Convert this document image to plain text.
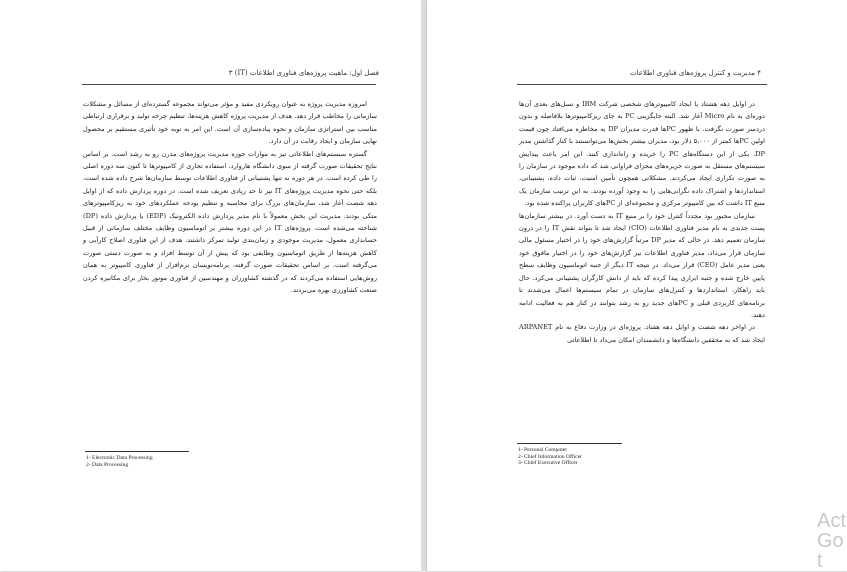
فصل اول: ماهیت پروژه‌های فناوری اطلاعات (IT) ۳

امروزه مدیریت پروژه به عنوان رویکردی مفید و مؤثر می‌تواند مجموعه گسترده‌ای از مسائل و مشکلات سازمانی را مخاطب قرار دهد. هدف از مدیریت پروژه کاهش هزینه‌ها، تنظیم چرخه تولید و برقراری ارتباطی مناسب بین استراتژی سازمان و نحوه پیاده‌سازی آن است. این امر به نوبه خود تأثیری مستقیم بر محصول نهایی سازمان و ایجاد رقابت در آن دارد.

گستره سیستم‌های اطلاعاتی نیز به موازات حوزه مدیریت پروژه‌های مدرن رو به رشد است. بر اساس نتایج تحقیقات صورت گرفته از سوی دانشگاه هاروارد، استفاده تجاری از کامپیوترها تا کنون سه دوره اصلی را طی کرده است. در هر دوره نه تنها پشتیبانی از فناوری اطلاعات توسط سازمان‌ها شرح داده شده است، بلکه حتی نحوه مدیریت پروژه‌های IT نیز تا حد زیادی تعریف شده است. در دوره پردازش داده که از اوایل دهه شصت آغاز شد، سازمان‌های بزرگ برای محاسبه و تنظیم بودجه عملکردهای خود به ریزکامپیوترهای متکی بودند. مدیریت این بخش معمولاً با نام مدیر پردازش داده الکترونیک (EDP) یا پردازش داده (DP) شناخته می‌شده است. پروژه‌های IT در این دوره بیشتر بر اتوماسیون وظایف مختلف سازمانی از قبیل حسابداری معمول، مدیریت موجودی و زمان‌بندی تولید تمرکز داشتند. هدف از این فناوری اصلاح کارآیی و کاهش هزینه‌ها از طریق اتوماسیون وظایفی بود که پیش از آن توسط افراد و به صورت دستی صورت می‌گرفته است. بر اساس تحقیقات صورت گرفته، برنامه‌نویسان نرم‌افزار از فناوری کامپیوتر به همان روش‌هایی استفاده می‌کردند که در گذشته کشاورزان و مهندسین از فناوری موتور بخار برای مکانیزه کردن صنعت کشاورزی بهره می‌بردند.

1- Electronic Data Processing
2- Data Processing
۴ مدیریت و کنترل پروژه‌های فناوری اطلاعات

در اوایل دهه هشتاد با ایجاد کامپیوترهای شخصی شرکت IBM و نسل‌های بعدی آن‌ها دوره‌ای به نام Micro آغاز شد. البته جایگزینی PC به جای ریزکامپیوترها بلافاصله و بدون دردسر صورت نگرفت. با ظهور PCها قدرت مدیران DP به مخاطره می‌افتاد چون قیمت اولین PCها کمتر از ۵،۰۰۰ دلار بود، مدیران بیشتر بخش‌ها می‌توانستند با کنار گذاشتن مدیر DP، یکی از این دستگاه‌های PC را خریده و راه‌اندازی کنند. این امر باعث پیدایش سیستم‌های مستقل به صورت جزیره‌های مجزای فراوانی شد که داده موجود در سازمان را به صورت تکراری ایجاد می‌کردند. مشکلاتی همچون تأمین امنیت، ثبات داده، پشتیبانی، استانداردها و اشتراک داده نگرانی‌هایی را به وجود آورده بودند. به این ترتیب سازمان یک منبع IT داشت که بین کامپیوتر مرکزی و مجموعه‌ای از PCهای کاربران پراکنده شده بود.

سازمان مجبور بود مجدداً کنترل خود را بر منبع IT به دست آورد. در بیشتر سازمان‌ها پست جدیدی به نام مدیر فناوری اطلاعات (CIO) ایجاد شد تا بتواند نقش IT را در درون سازمان تعمیم دهد. در حالی که مدیر DP مرتباً گزارش‌های خود را در اختیار مسئول مالی سازمان قرار می‌داد، مدیر فناوری اطلاعات نیز گزارش‌های خود را در اختیار مافوق خود یعنی مدیر عامل (CEO) قرار می‌داد. در نتیجه IT دیگر از جنبه اتوماسیون وظایف سطح پایین خارج شده و جنبه ابزاری پیدا کرده که باید از دانش کارگران پشتیبانی می‌کرد. حال باید راهکار، استانداردها و کنترل‌های سازمان در تمام سیستم‌ها اعمال می‌شدند تا برنامه‌های کاربردی قبلی و PCهای جدید رو به رشد بتوانند در کنار هم به فعالیت ادامه دهند.

در اواخر دهه شصت و اوایل دهه هفتاد، پروژه‌ای در وزارت دفاع به نام ARPANET ایجاد شد که به محققین دانشگاه‌ها و دانشمندان امکان می‌داد تا اطلاعاتی

1- Personal Computer
2- Chief Information Officer
3- Chief Executive Officer
Act
Go t
